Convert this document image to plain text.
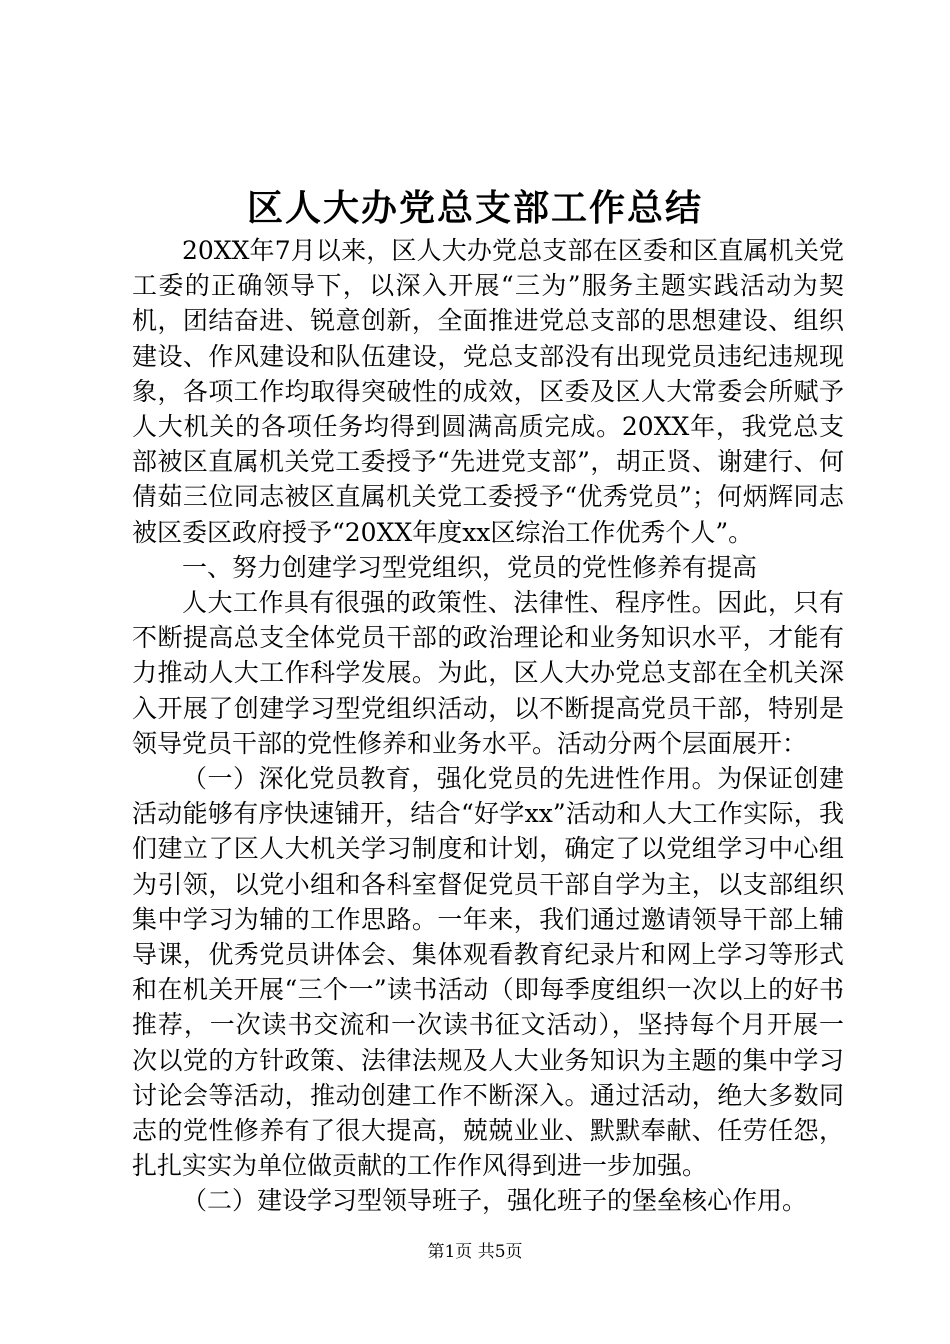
区人大办党总支部工作总结

20XX年7月以来，区人大办党总支部在区委和区直属机关党工委的正确领导下，以深入开展“三为”服务主题实践活动为契机，团结奋进、锐意创新，全面推进党总支部的思想建设、组织建设、作风建设和队伍建设，党总支部没有出现党员违纪违规现象，各项工作均取得突破性的成效，区委及区人大常委会所赋予人大机关的各项任务均得到圆满高质完成。20XX年，我党总支部被区直属机关党工委授予“先进党支部”，胡正贤、谢建行、何倩茹三位同志被区直属机关党工委授予“优秀党员”；何炳辉同志被区委区政府授予“20XX年度xx区综治工作优秀个人”。

一、努力创建学习型党组织，党员的党性修养有提高

人大工作具有很强的政策性、法律性、程序性。因此，只有不断提高总支全体党员干部的政治理论和业务知识水平，才能有力推动人大工作科学发展。为此，区人大办党总支部在全机关深入开展了创建学习型党组织活动，以不断提高党员干部，特别是领导党员干部的党性修养和业务水平。活动分两个层面展开：

（一）深化党员教育，强化党员的先进性作用。为保证创建活动能够有序快速铺开，结合“好学xx”活动和人大工作实际，我们建立了区人大机关学习制度和计划，确定了以党组学习中心组为引领，以党小组和各科室督促党员干部自学为主，以支部组织集中学习为辅的工作思路。一年来，我们通过邀请领导干部上辅导课，优秀党员讲体会、集体观看教育纪录片和网上学习等形式和在机关开展“三个一”读书活动（即每季度组织一次以上的好书推荐，一次读书交流和一次读书征文活动），坚持每个月开展一次以党的方针政策、法律法规及人大业务知识为主题的集中学习讨论会等活动，推动创建工作不断深入。通过活动，绝大多数同志的党性修养有了很大提高，兢兢业业、默默奉献、任劳任怨，扎扎实实为单位做贡献的工作作风得到进一步加强。

（二）建设学习型领导班子，强化班子的堡垒核心作用。

第1页 共5页
